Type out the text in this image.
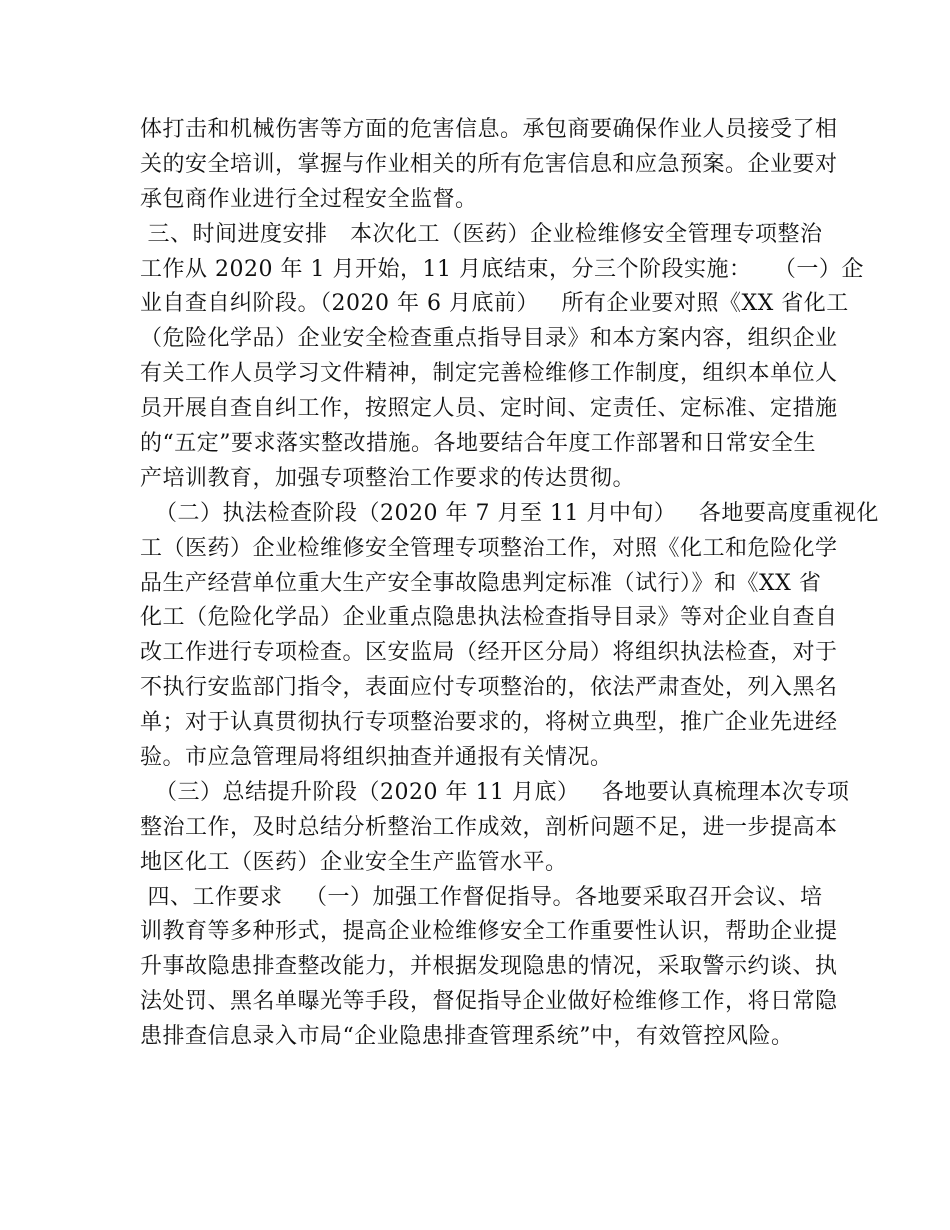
体打击和机械伤害等方面的危害信息。承包商要确保作业人员接受了相
关的安全培训，掌握与作业相关的所有危害信息和应急预案。企业要对
承包商作业进行全过程安全监督。
三、时间进度安排   本次化工（医药）企业检维修安全管理专项整治
工作从 2020 年 1 月开始，11 月底结束，分三个阶段实施：   （一）企
业自查自纠阶段。（2020 年 6 月底前）   所有企业要对照《XX 省化工
（危险化学品）企业安全检查重点指导目录》和本方案内容，组织企业
有关工作人员学习文件精神，制定完善检维修工作制度，组织本单位人
员开展自查自纠工作，按照定人员、定时间、定责任、定标准、定措施
的“五定”要求落实整改措施。各地要结合年度工作部署和日常安全生
产培训教育，加强专项整治工作要求的传达贯彻。
（二）执法检查阶段（2020 年 7 月至 11 月中旬）   各地要高度重视化
工（医药）企业检维修安全管理专项整治工作，对照《化工和危险化学
品生产经营单位重大生产安全事故隐患判定标准（试行）》和《XX 省
化工（危险化学品）企业重点隐患执法检查指导目录》等对企业自查自
改工作进行专项检查。区安监局（经开区分局）将组织执法检查，对于
不执行安监部门指令，表面应付专项整治的，依法严肃查处，列入黑名
单；对于认真贯彻执行专项整治要求的，将树立典型，推广企业先进经
验。市应急管理局将组织抽查并通报有关情况。
（三）总结提升阶段（2020 年 11 月底）   各地要认真梳理本次专项
整治工作，及时总结分析整治工作成效，剖析问题不足，进一步提高本
地区化工（医药）企业安全生产监管水平。
四、工作要求   （一）加强工作督促指导。各地要采取召开会议、培
训教育等多种形式，提高企业检维修安全工作重要性认识，帮助企业提
升事故隐患排查整改能力，并根据发现隐患的情况，采取警示约谈、执
法处罚、黑名单曝光等手段，督促指导企业做好检维修工作，将日常隐
患排查信息录入市局“企业隐患排查管理系统”中，有效管控风险。
